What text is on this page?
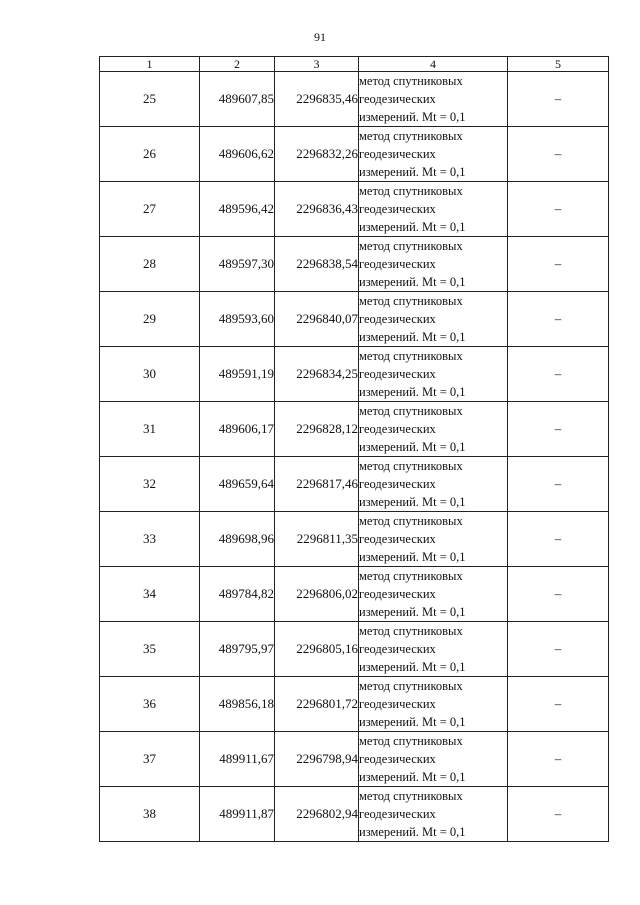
91
1	2	3	4	5
25	489607,85	2296835,46	метод спутниковых
геодезических
измерений. Mt = 0,1	–
26	489606,62	2296832,26	метод спутниковых
геодезических
измерений. Mt = 0,1	–
27	489596,42	2296836,43	метод спутниковых
геодезических
измерений. Mt = 0,1	–
28	489597,30	2296838,54	метод спутниковых
геодезических
измерений. Mt = 0,1	–
29	489593,60	2296840,07	метод спутниковых
геодезических
измерений. Mt = 0,1	–
30	489591,19	2296834,25	метод спутниковых
геодезических
измерений. Mt = 0,1	–
31	489606,17	2296828,12	метод спутниковых
геодезических
измерений. Mt = 0,1	–
32	489659,64	2296817,46	метод спутниковых
геодезических
измерений. Mt = 0,1	–
33	489698,96	2296811,35	метод спутниковых
геодезических
измерений. Mt = 0,1	–
34	489784,82	2296806,02	метод спутниковых
геодезических
измерений. Mt = 0,1	–
35	489795,97	2296805,16	метод спутниковых
геодезических
измерений. Mt = 0,1	–
36	489856,18	2296801,72	метод спутниковых
геодезических
измерений. Mt = 0,1	–
37	489911,67	2296798,94	метод спутниковых
геодезических
измерений. Mt = 0,1	–
38	489911,87	2296802,94	метод спутниковых
геодезических
измерений. Mt = 0,1	–
